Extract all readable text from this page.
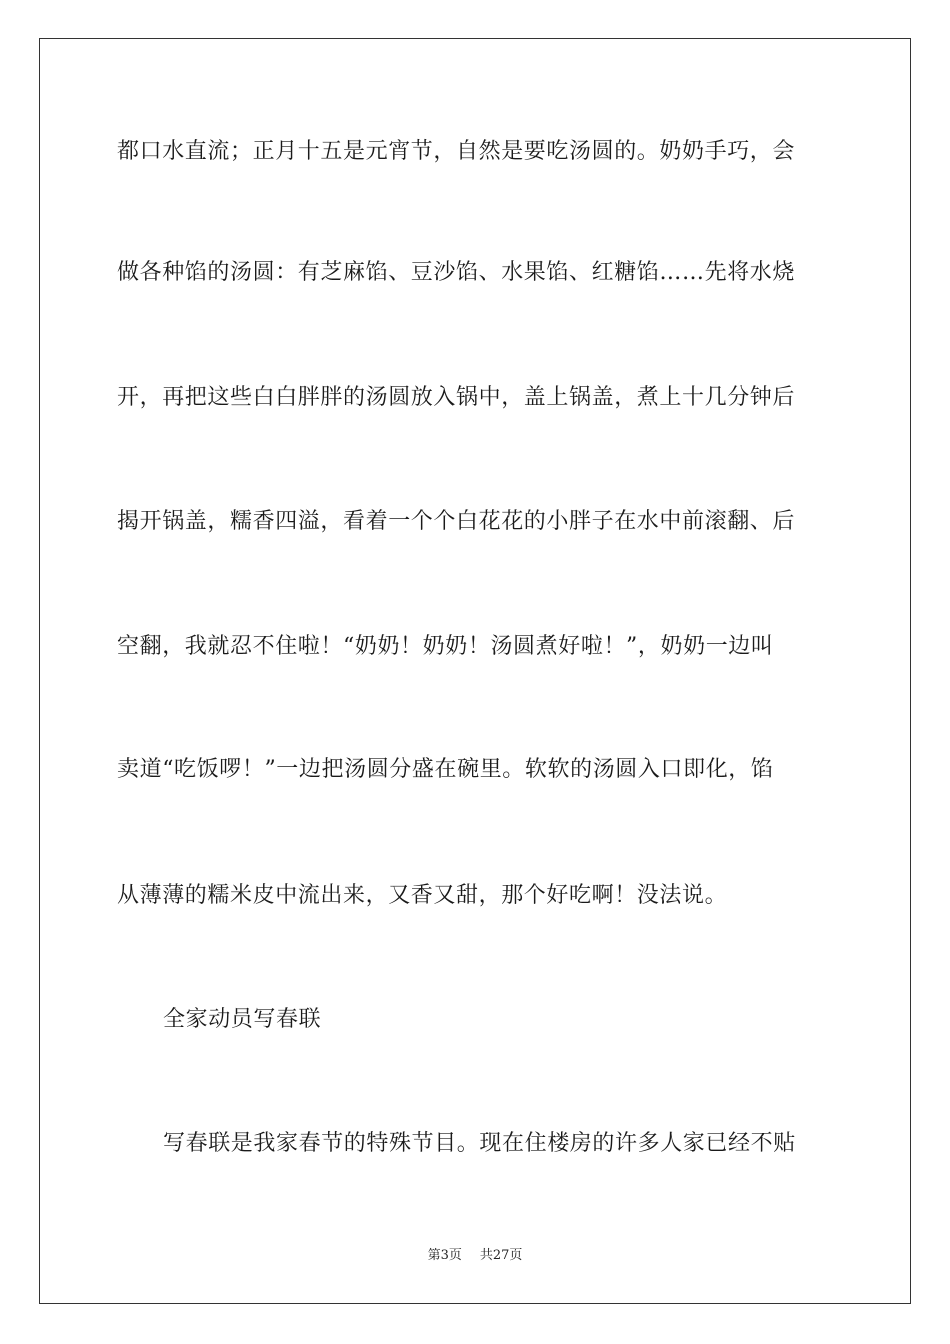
都口水直流；正月十五是元宵节，自然是要吃汤圆的。奶奶手巧，会
做各种馅的汤圆：有芝麻馅、豆沙馅、水果馅、红糖馅……先将水烧
开，再把这些白白胖胖的汤圆放入锅中，盖上锅盖，煮上十几分钟后
揭开锅盖，糯香四溢，看着一个个白花花的小胖子在水中前滚翻、后
空翻，我就忍不住啦！“奶奶！奶奶！汤圆煮好啦！”，奶奶一边叫
卖道“吃饭啰！”一边把汤圆分盛在碗里。软软的汤圆入口即化，馅
从薄薄的糯米皮中流出来，又香又甜，那个好吃啊！没法说。
全家动员写春联
写春联是我家春节的特殊节目。现在住楼房的许多人家已经不贴
第3页 共27页
